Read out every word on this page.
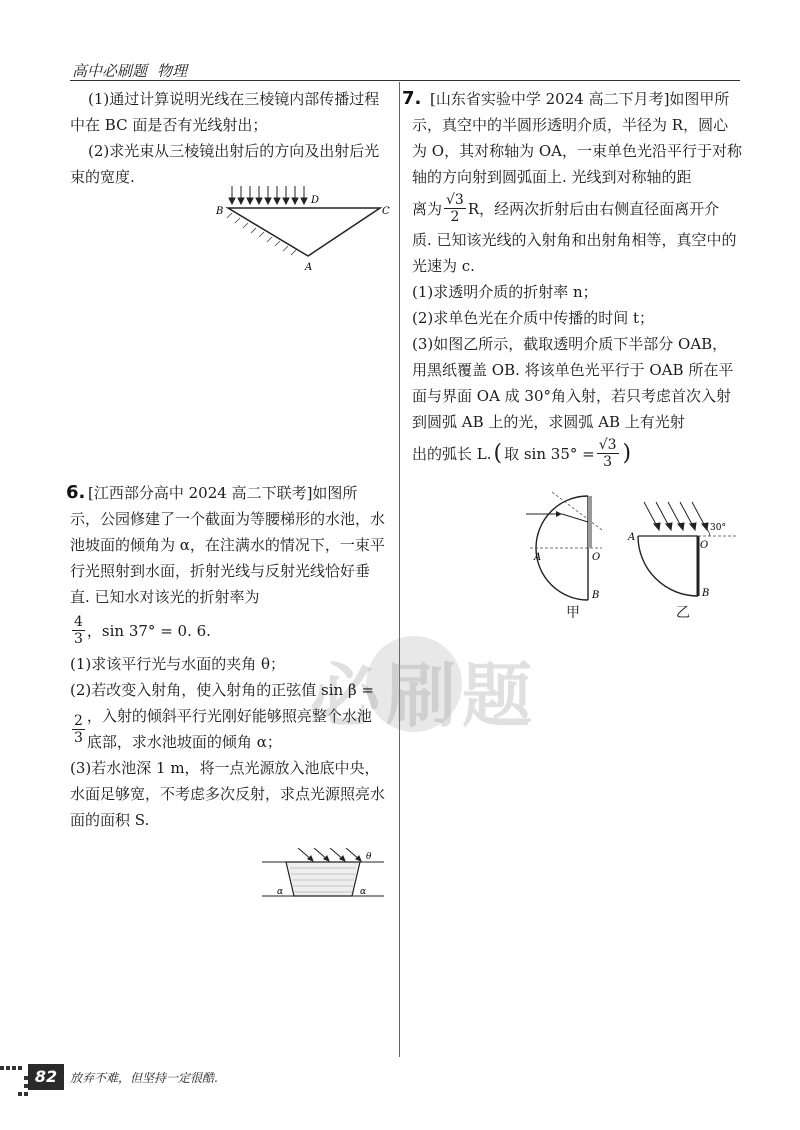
高中必刷题 物理
必刷题

(1)通过计算说明光线在三棱镜内部传播过程中在 BC 面是否有光线射出；

(2)求光束从三棱镜出射后的方向及出射后光束的宽度.

B	C
D
A
6. [江西部分高中 2024 高二下联考]如图所示，公园修建了一个截面为等腰梯形的水池，水池坡面的倾角为 α，在注满水的情况下，一束平行光照射到水面，折射光线与反射光线恰好垂直. 已知水对该光的折射率为

$\frac{4}{3}$ ，sin 37° = 0. 6.

(1)求该平行光与水面的夹角 θ；

(2)若改变入射角，使入射角的正弦值 sin β =

$\frac{2}{3}$ ，入射的倾斜平行光刚好能够照亮整个水池底部，求水池坡面的倾角 α；

(3)若水池深 1 m，将一点光源放入池底中央，水面足够宽，不考虑多次反射，求点光源照亮水面的面积 S.

θ
α	α
7. [山东省实验中学 2024 高二下月考]如图甲所示，真空中的半圆形透明介质，半径为 R，圆心为 O，其对称轴为 OA，一束单色光沿平行于对称轴的方向射到圆弧面上. 光线到对称轴的距

离为 $\frac{√3}{2}$ R，经两次折射后由右侧直径面离开介

质. 已知该光线的入射角和出射角相等，真空中的光速为 c.

(1)求透明介质的折射率 n；

(2)求单色光在介质中传播的时间 t；

(3)如图乙所示，截取透明介质下半部分 OAB，用黑纸覆盖 OB. 将该单色光平行于 OAB 所在平面与界面 OA 成 30°角入射，若只考虑首次入射到圆弧 AB 上的光，求圆弧 AB 上有光射

出的弧长 L. ( 取 $\sin 35^\circ = \frac{√3}{3}$ )

A	O
B
甲
30°
A
O
B
乙
82	放弃不难，但坚持一定很酷.
